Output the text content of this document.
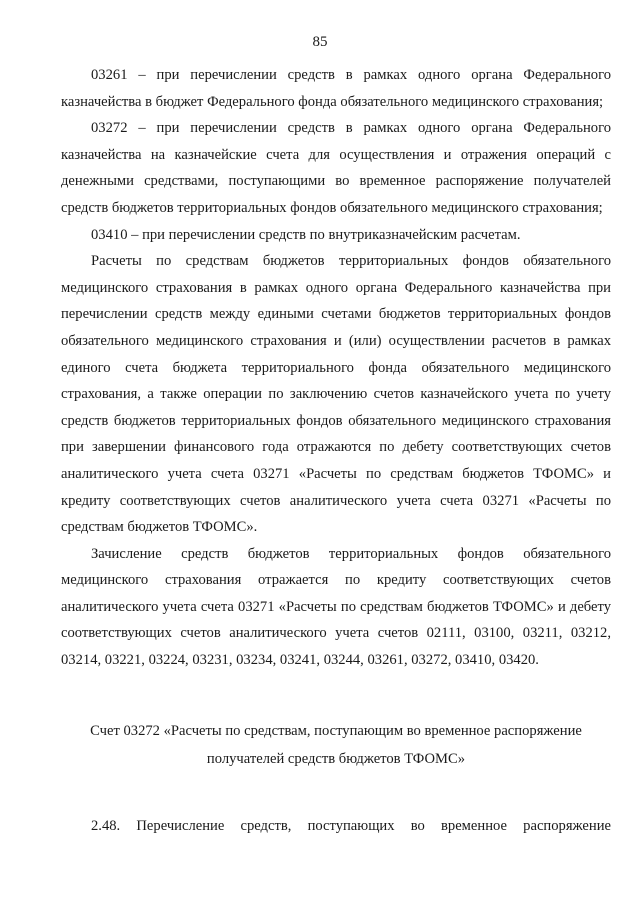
85

03261 – при перечислении средств в рамках одного органа Федерального казначейства в бюджет Федерального фонда обязательного медицинского страхования;

03272 – при перечислении средств в рамках одного органа Федерального казначейства на казначейские счета для осуществления и отражения операций с денежными средствами, поступающими во временное распоряжение получателей средств бюджетов территориальных фондов обязательного медицинского страхования;

03410 – при перечислении средств по внутриказначейским расчетам.

Расчеты по средствам бюджетов территориальных фондов обязательного медицинского страхования в рамках одного органа Федерального казначейства при перечислении средств между едиными счетами бюджетов территориальных фондов обязательного медицинского страхования и (или) осуществлении расчетов в рамках единого счета бюджета территориального фонда обязательного медицинского страхования, а также операции по заключению счетов казначейского учета по учету средств бюджетов территориальных фондов обязательного медицинского страхования при завершении финансового года отражаются по дебету соответствующих счетов аналитического учета счета 03271 «Расчеты по средствам бюджетов ТФОМС» и кредиту соответствующих счетов аналитического учета счета 03271 «Расчеты по средствам бюджетов ТФОМС».

Зачисление средств бюджетов территориальных фондов обязательного медицинского страхования отражается по кредиту соответствующих счетов аналитического учета счета 03271 «Расчеты по средствам бюджетов ТФОМС» и дебету соответствующих счетов аналитического учета счетов 02111, 03100, 03211, 03212, 03214, 03221, 03224, 03231, 03234, 03241, 03244, 03261, 03272, 03410, 03420.

Счет 03272 «Расчеты по средствам, поступающим во временное распоряжение
получателей средств бюджетов ТФОМС»

2.48. Перечисление средств, поступающих во временное распоряжение
